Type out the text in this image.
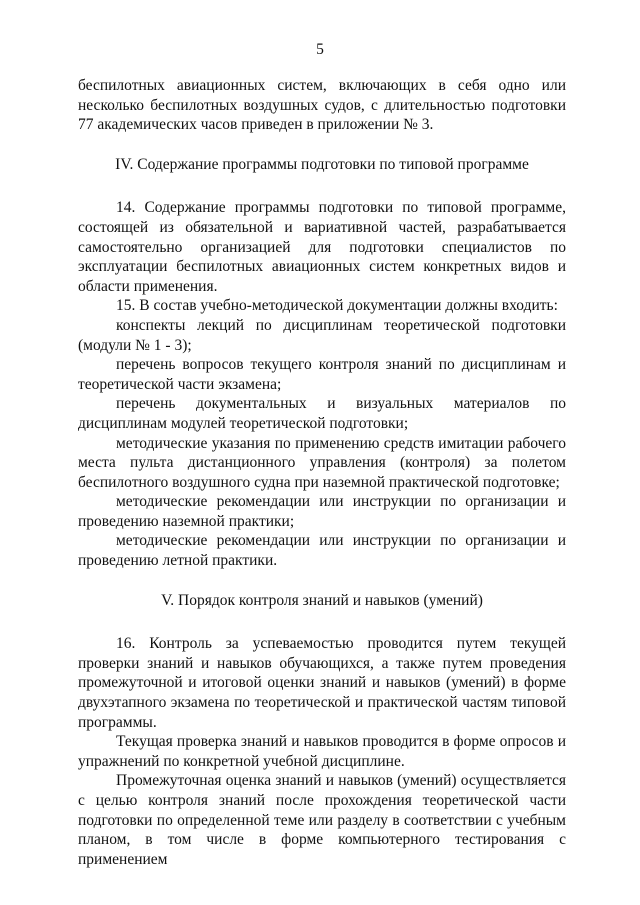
5

беспилотных авиационных систем, включающих в себя одно или несколько беспилотных воздушных судов, с длительностью подготовки 77 академических часов приведен в приложении № 3.

IV. Содержание программы подготовки по типовой программе

14. Содержание программы подготовки по типовой программе, состоящей из обязательной и вариативной частей, разрабатывается самостоятельно организацией для подготовки специалистов по эксплуатации беспилотных авиационных систем конкретных видов и области применения.

15. В состав учебно-методической документации должны входить:

конспекты лекций по дисциплинам теоретической подготовки (модули № 1 - 3);

перечень вопросов текущего контроля знаний по дисциплинам и теоретической части экзамена;

перечень документальных и визуальных материалов по дисциплинам модулей теоретической подготовки;

методические указания по применению средств имитации рабочего места пульта дистанционного управления (контроля) за полетом беспилотного воздушного судна при наземной практической подготовке;

методические рекомендации или инструкции по организации и проведению наземной практики;

методические рекомендации или инструкции по организации и проведению летной практики.

V. Порядок контроля знаний и навыков (умений)

16. Контроль за успеваемостью проводится путем текущей проверки знаний и навыков обучающихся, а также путем проведения промежуточной и итоговой оценки знаний и навыков (умений) в форме двухэтапного экзамена по теоретической и практической частям типовой программы.

Текущая проверка знаний и навыков проводится в форме опросов и упражнений по конкретной учебной дисциплине.

Промежуточная оценка знаний и навыков (умений) осуществляется с целью контроля знаний после прохождения теоретической части подготовки по определенной теме или разделу в соответствии с учебным планом, в том числе в форме компьютерного тестирования с применением
